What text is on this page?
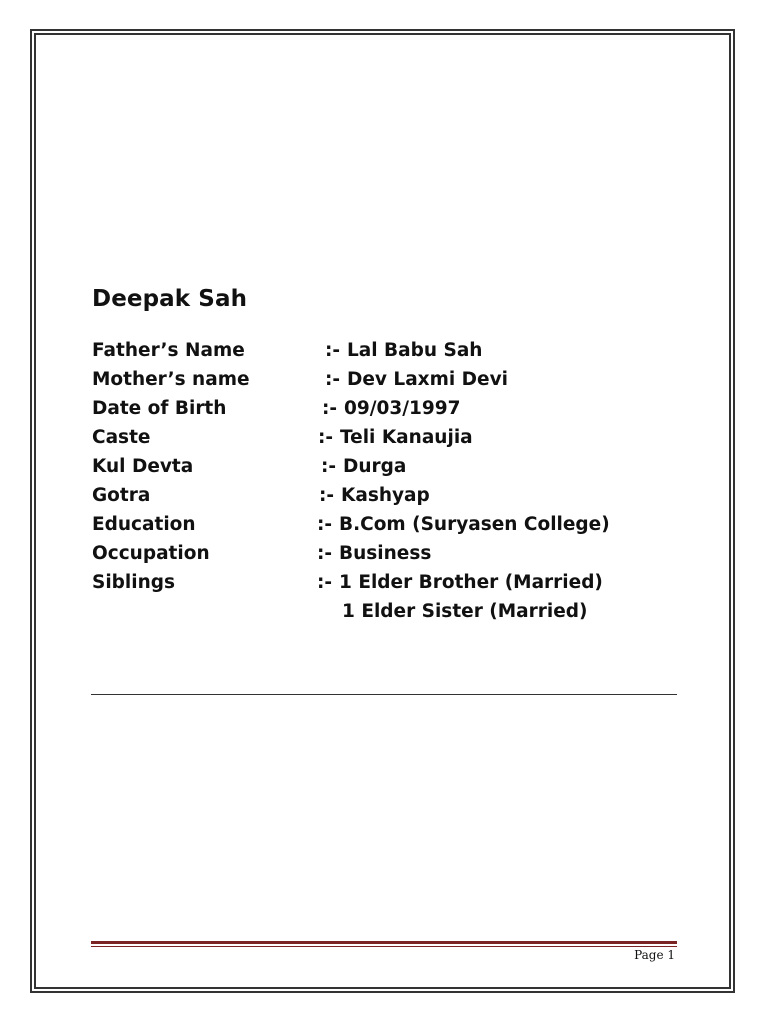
Deepak Sah
Father’s Name	:- Lal Babu Sah
Mother’s name	:- Dev Laxmi Devi
Date of Birth	:- 09/03/1997
Caste	:- Teli Kanaujia
Kul Devta	:- Durga
Gotra	:- Kashyap
Education	:- B.Com (Suryasen College)
Occupation	:- Business
Siblings	:- 1 Elder Brother (Married)
1 Elder Sister (Married)
Page 1
